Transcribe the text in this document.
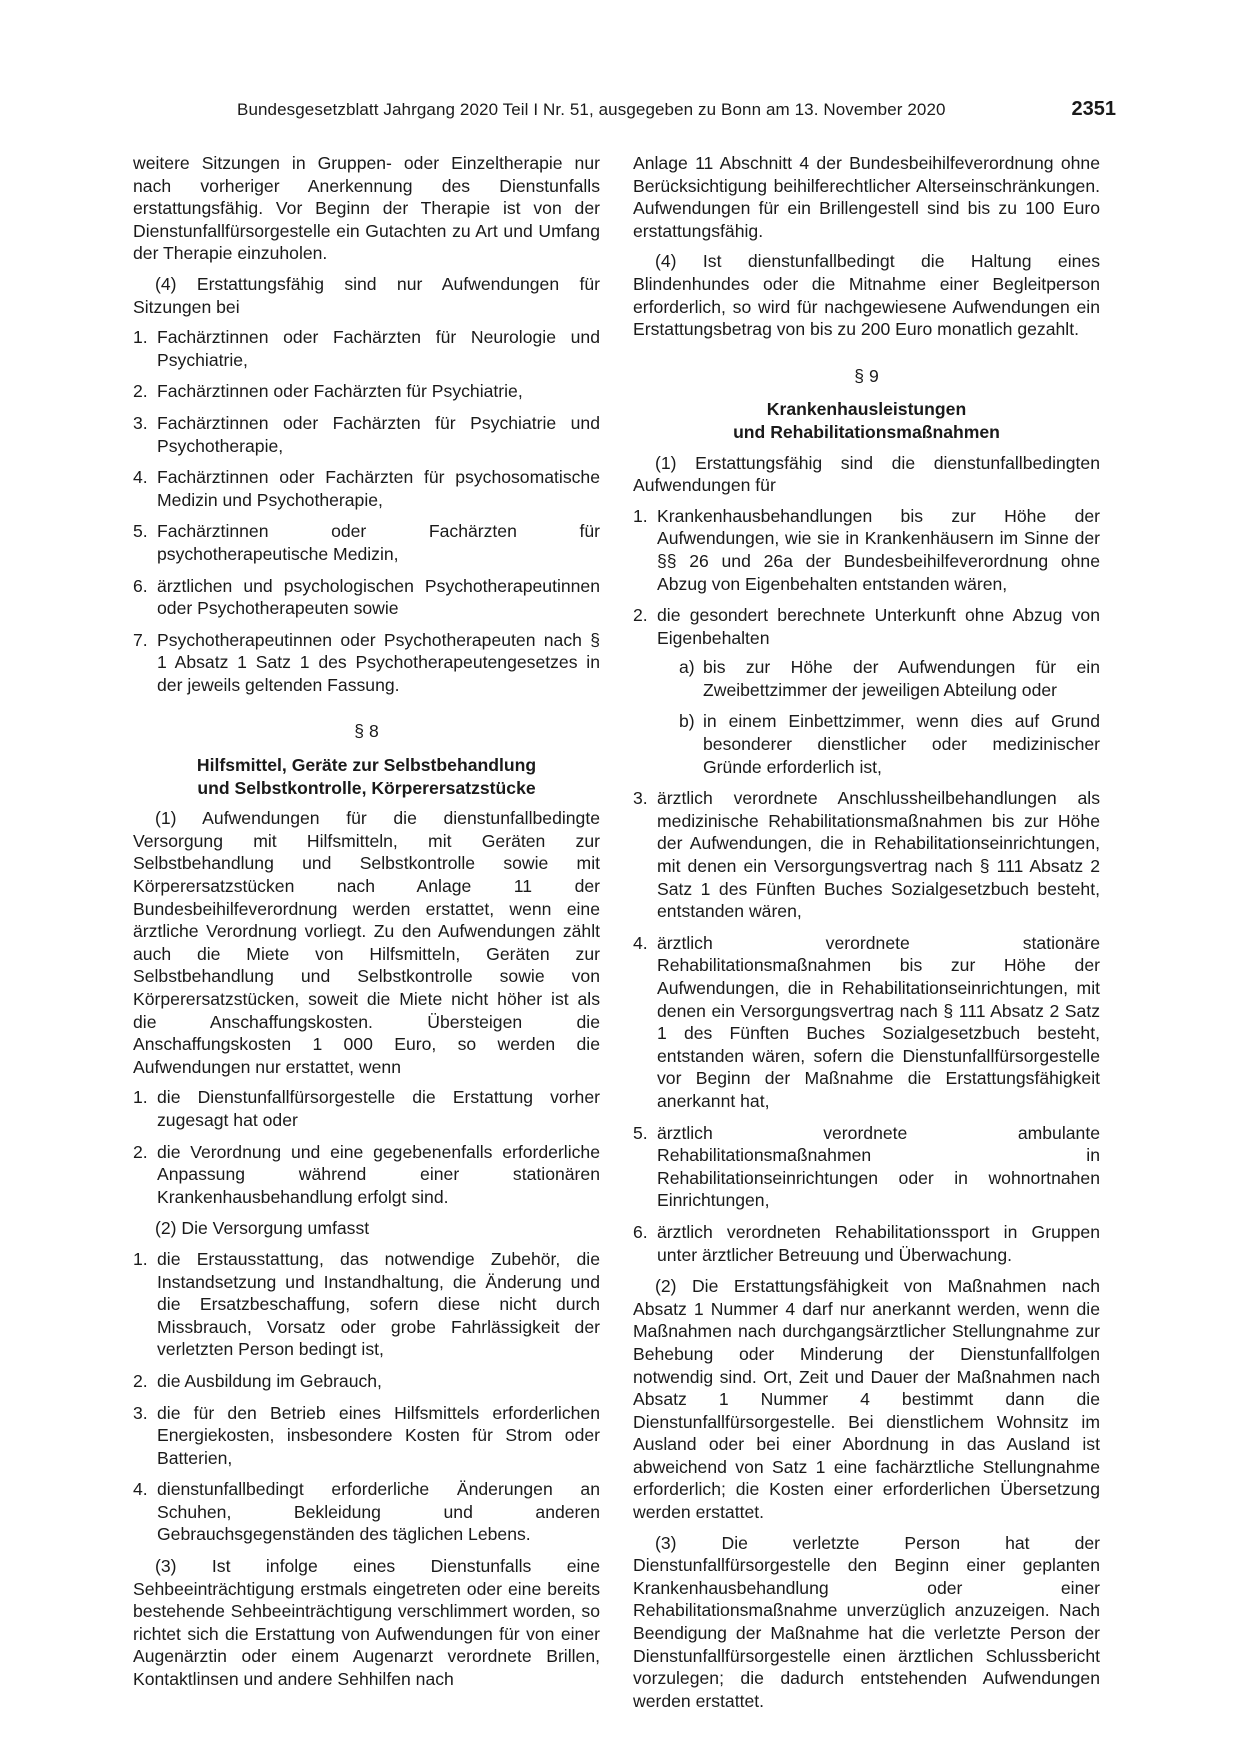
Bundesgesetzblatt Jahrgang 2020 Teil I Nr. 51, ausgegeben zu Bonn am 13. November 2020	2351

weitere Sitzungen in Gruppen- oder Einzeltherapie nur nach vorheriger Anerkennung des Dienstunfalls erstattungsfähig. Vor Beginn der Therapie ist von der Dienstunfallfürsorgestelle ein Gutachten zu Art und Umfang der Therapie einzuholen.

(4) Erstattungsfähig sind nur Aufwendungen für Sitzungen bei

1. Fachärztinnen oder Fachärzten für Neurologie und Psychiatrie,
2. Fachärztinnen oder Fachärzten für Psychiatrie,
3. Fachärztinnen oder Fachärzten für Psychiatrie und Psychotherapie,
4. Fachärztinnen oder Fachärzten für psychosomatische Medizin und Psychotherapie,
5. Fachärztinnen oder Fachärzten für psychotherapeutische Medizin,
6. ärztlichen und psychologischen Psychotherapeutinnen oder Psychotherapeuten sowie
7. Psychotherapeutinnen oder Psychotherapeuten nach § 1 Absatz 1 Satz 1 des Psychotherapeutengesetzes in der jeweils geltenden Fassung.
§ 8
Hilfsmittel, Geräte zur Selbstbehandlung
und Selbstkontrolle, Körperersatzstücke

(1) Aufwendungen für die dienstunfallbedingte Versorgung mit Hilfsmitteln, mit Geräten zur Selbstbehandlung und Selbstkontrolle sowie mit Körperersatzstücken nach Anlage 11 der Bundesbeihilfeverordnung werden erstattet, wenn eine ärztliche Verordnung vorliegt. Zu den Aufwendungen zählt auch die Miete von Hilfsmitteln, Geräten zur Selbstbehandlung und Selbstkontrolle sowie von Körperersatzstücken, soweit die Miete nicht höher ist als die Anschaffungskosten. Übersteigen die Anschaffungskosten 1 000 Euro, so werden die Aufwendungen nur erstattet, wenn

1. die Dienstunfallfürsorgestelle die Erstattung vorher zugesagt hat oder
2. die Verordnung und eine gegebenenfalls erforderliche Anpassung während einer stationären Krankenhausbehandlung erfolgt sind.

(2) Die Versorgung umfasst

1. die Erstausstattung, das notwendige Zubehör, die Instandsetzung und Instandhaltung, die Änderung und die Ersatzbeschaffung, sofern diese nicht durch Missbrauch, Vorsatz oder grobe Fahrlässigkeit der verletzten Person bedingt ist,
2. die Ausbildung im Gebrauch,
3. die für den Betrieb eines Hilfsmittels erforderlichen Energiekosten, insbesondere Kosten für Strom oder Batterien,
4. dienstunfallbedingt erforderliche Änderungen an Schuhen, Bekleidung und anderen Gebrauchsgegenständen des täglichen Lebens.

(3) Ist infolge eines Dienstunfalls eine Sehbeeinträchtigung erstmals eingetreten oder eine bereits bestehende Sehbeeinträchtigung verschlimmert worden, so richtet sich die Erstattung von Aufwendungen für von einer Augenärztin oder einem Augenarzt verordnete Brillen, Kontaktlinsen und andere Sehhilfen nach

Anlage 11 Abschnitt 4 der Bundesbeihilfeverordnung ohne Berücksichtigung beihilferechtlicher Alterseinschränkungen. Aufwendungen für ein Brillengestell sind bis zu 100 Euro erstattungsfähig.

(4) Ist dienstunfallbedingt die Haltung eines Blindenhundes oder die Mitnahme einer Begleitperson erforderlich, so wird für nachgewiesene Aufwendungen ein Erstattungsbetrag von bis zu 200 Euro monatlich gezahlt.

§ 9
Krankenhausleistungen
und Rehabilitationsmaßnahmen

(1) Erstattungsfähig sind die dienstunfallbedingten Aufwendungen für

1. Krankenhausbehandlungen bis zur Höhe der Aufwendungen, wie sie in Krankenhäusern im Sinne der §§ 26 und 26a der Bundesbeihilfeverordnung ohne Abzug von Eigenbehalten entstanden wären,
2. die gesondert berechnete Unterkunft ohne Abzug von Eigenbehalten
a) bis zur Höhe der Aufwendungen für ein Zweibettzimmer der jeweiligen Abteilung oder
b) in einem Einbettzimmer, wenn dies auf Grund besonderer dienstlicher oder medizinischer Gründe erforderlich ist,
3. ärztlich verordnete Anschlussheilbehandlungen als medizinische Rehabilitationsmaßnahmen bis zur Höhe der Aufwendungen, die in Rehabilitationseinrichtungen, mit denen ein Versorgungsvertrag nach § 111 Absatz 2 Satz 1 des Fünften Buches Sozialgesetzbuch besteht, entstanden wären,
4. ärztlich verordnete stationäre Rehabilitationsmaßnahmen bis zur Höhe der Aufwendungen, die in Rehabilitationseinrichtungen, mit denen ein Versorgungsvertrag nach § 111 Absatz 2 Satz 1 des Fünften Buches Sozialgesetzbuch besteht, entstanden wären, sofern die Dienstunfallfürsorgestelle vor Beginn der Maßnahme die Erstattungsfähigkeit anerkannt hat,
5. ärztlich verordnete ambulante Rehabilitationsmaßnahmen in Rehabilitationseinrichtungen oder in wohnortnahen Einrichtungen,
6. ärztlich verordneten Rehabilitationssport in Gruppen unter ärztlicher Betreuung und Überwachung.

(2) Die Erstattungsfähigkeit von Maßnahmen nach Absatz 1 Nummer 4 darf nur anerkannt werden, wenn die Maßnahmen nach durchgangsärztlicher Stellungnahme zur Behebung oder Minderung der Dienstunfallfolgen notwendig sind. Ort, Zeit und Dauer der Maßnahmen nach Absatz 1 Nummer 4 bestimmt dann die Dienstunfallfürsorgestelle. Bei dienstlichem Wohnsitz im Ausland oder bei einer Abordnung in das Ausland ist abweichend von Satz 1 eine fachärztliche Stellungnahme erforderlich; die Kosten einer erforderlichen Übersetzung werden erstattet.

(3) Die verletzte Person hat der Dienstunfallfürsorgestelle den Beginn einer geplanten Krankenhausbehandlung oder einer Rehabilitationsmaßnahme unverzüglich anzuzeigen. Nach Beendigung der Maßnahme hat die verletzte Person der Dienstunfallfürsorgestelle einen ärztlichen Schlussbericht vorzulegen; die dadurch entstehenden Aufwendungen werden erstattet.
